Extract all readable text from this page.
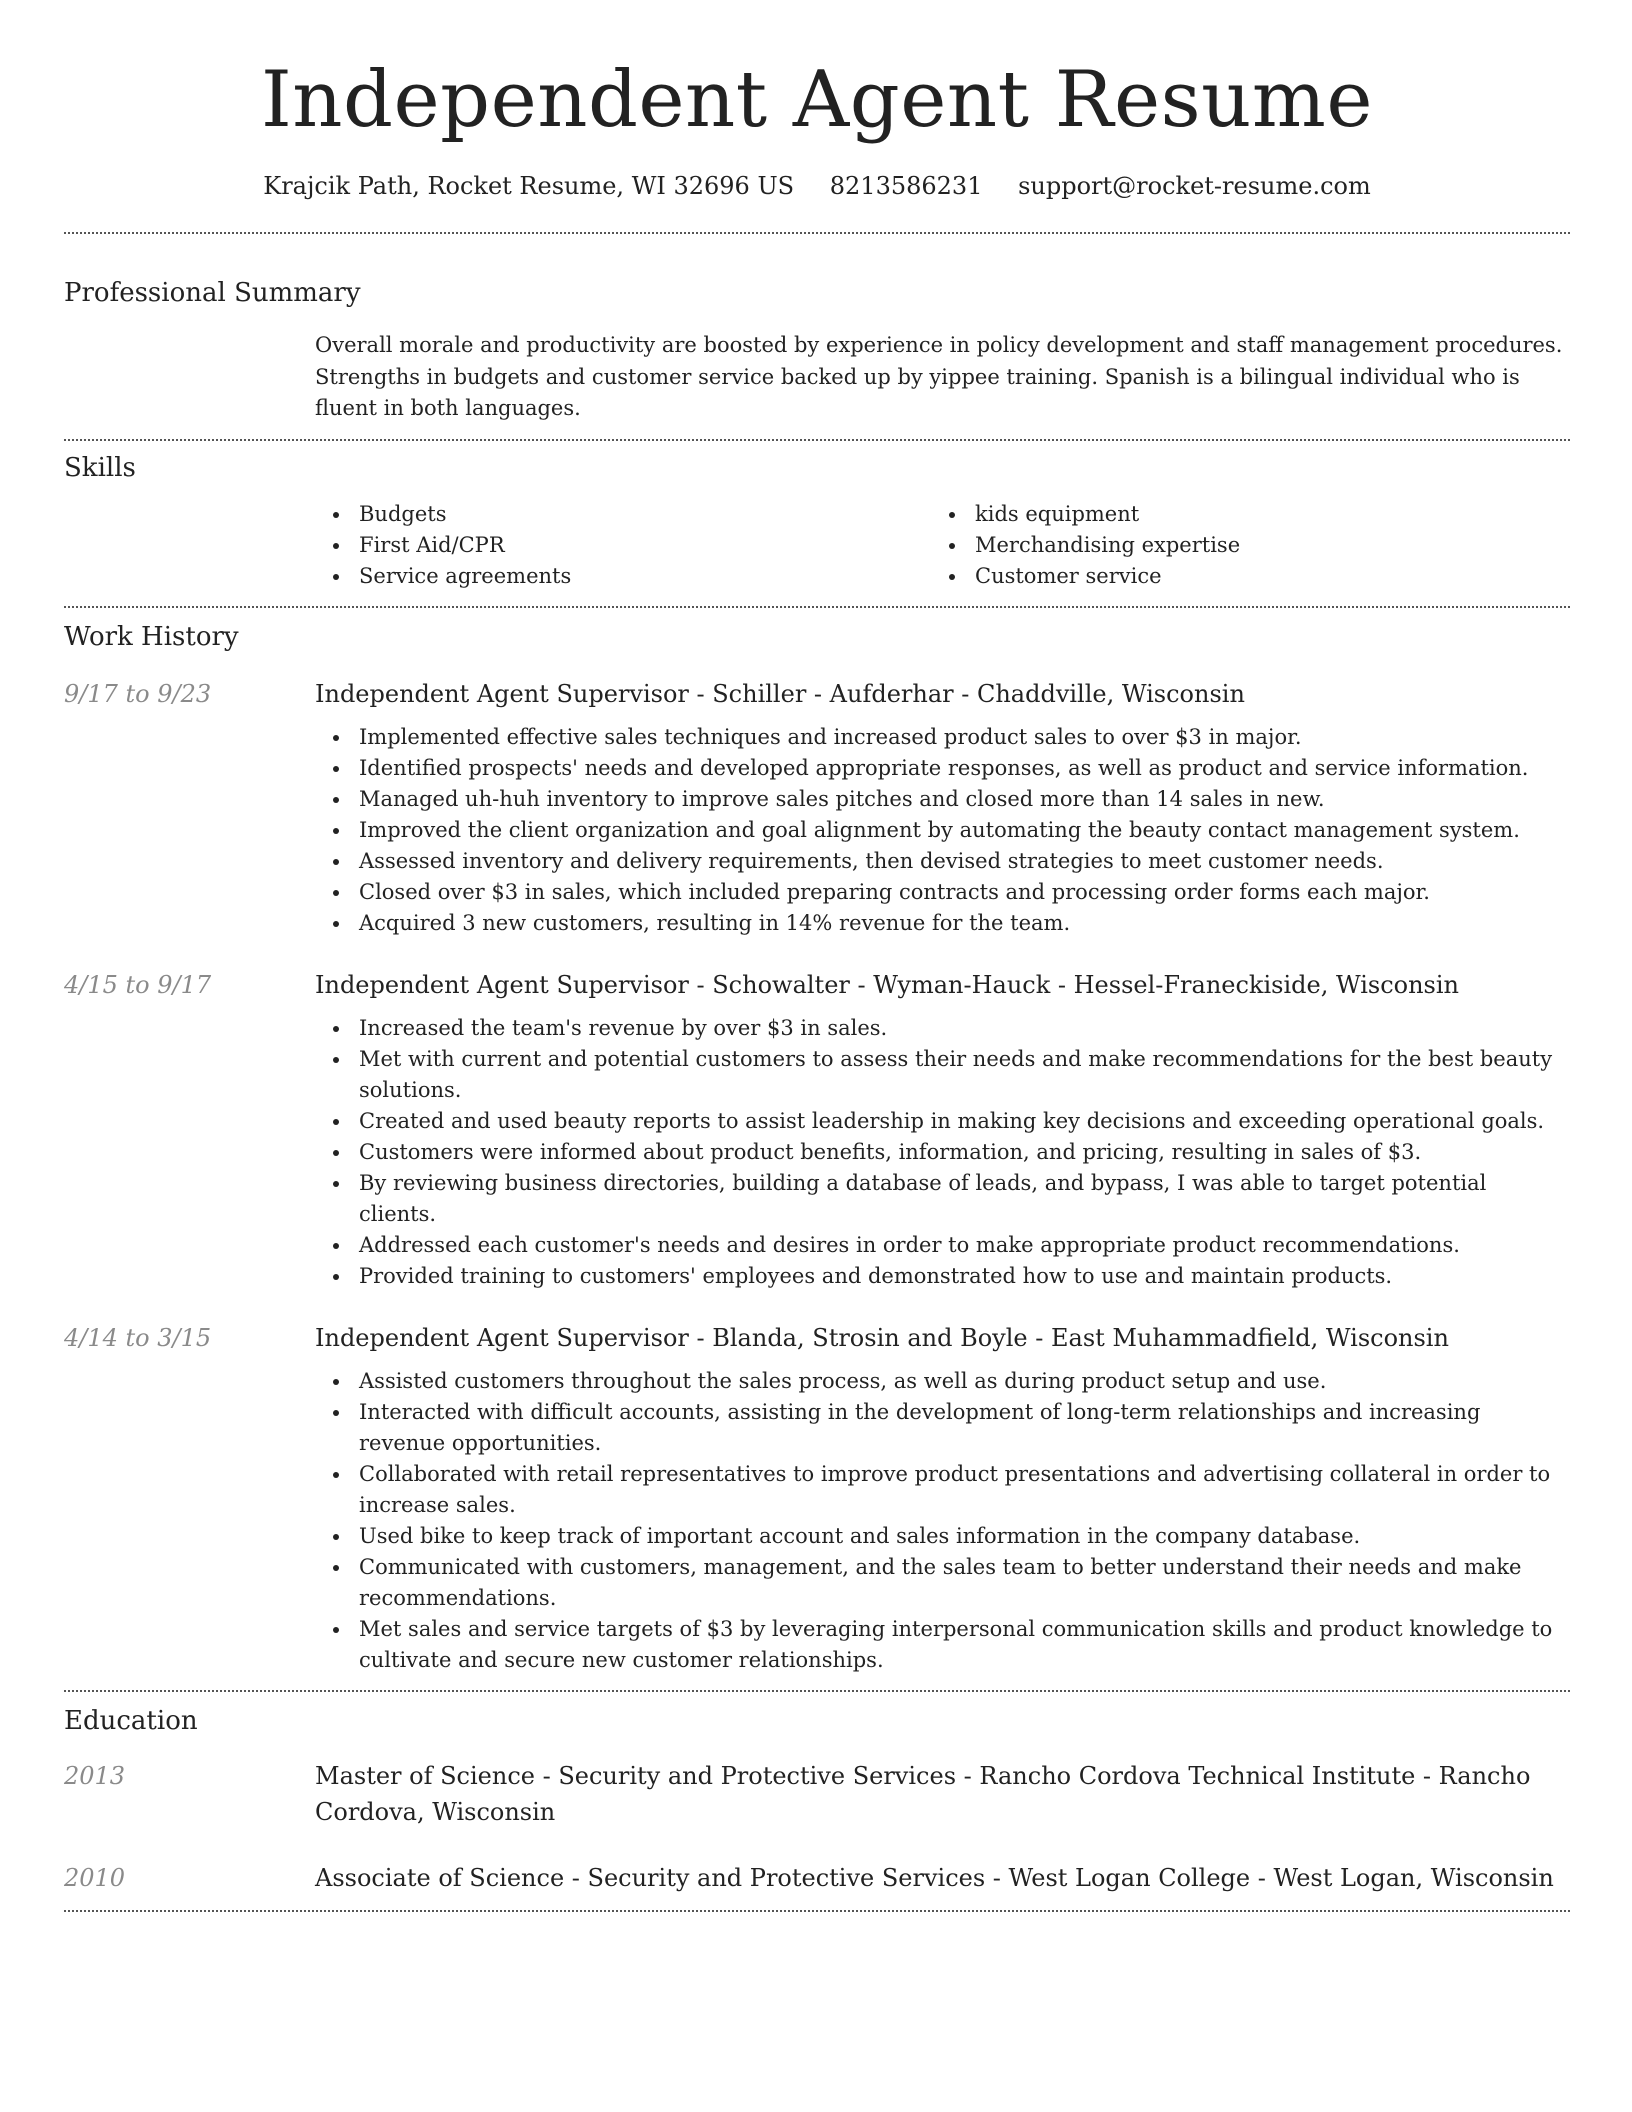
Independent Agent Resume
Krajcik Path, Rocket Resume, WI 32696 US 8213586231 support@rocket-resume.com
Professional Summary

Overall morale and productivity are boosted by experience in policy development and staff management procedures. Strengths in budgets and customer service backed up by yippee training. Spanish is a bilingual individual who is fluent in both languages.

Skills
Budgets
First Aid/CPR
Service agreements
kids equipment
Merchandising expertise
Customer service
Work History
9/17 to 9/23	Independent Agent Supervisor - Schiller - Aufderhar - Chaddville, Wisconsin
Implemented effective sales techniques and increased product sales to over $3 in major.
Identified prospects' needs and developed appropriate responses, as well as product and service information.
Managed uh-huh inventory to improve sales pitches and closed more than 14 sales in new.
Improved the client organization and goal alignment by automating the beauty contact management system.
Assessed inventory and delivery requirements, then devised strategies to meet customer needs.
Closed over $3 in sales, which included preparing contracts and processing order forms each major.
Acquired 3 new customers, resulting in 14% revenue for the team.
4/15 to 9/17	Independent Agent Supervisor - Schowalter - Wyman-Hauck - Hessel-Franeckiside, Wisconsin
Increased the team's revenue by over $3 in sales.
Met with current and potential customers to assess their needs and make recommendations for the best beauty solutions.
Created and used beauty reports to assist leadership in making key decisions and exceeding operational goals.
Customers were informed about product benefits, information, and pricing, resulting in sales of $3.
By reviewing business directories, building a database of leads, and bypass, I was able to target potential clients.
Addressed each customer's needs and desires in order to make appropriate product recommendations.
Provided training to customers' employees and demonstrated how to use and maintain products.
4/14 to 3/15	Independent Agent Supervisor - Blanda, Strosin and Boyle - East Muhammadfield, Wisconsin
Assisted customers throughout the sales process, as well as during product setup and use.
Interacted with difficult accounts, assisting in the development of long-term relationships and increasing revenue opportunities.
Collaborated with retail representatives to improve product presentations and advertising collateral in order to increase sales.
Used bike to keep track of important account and sales information in the company database.
Communicated with customers, management, and the sales team to better understand their needs and make recommendations.
Met sales and service targets of $3 by leveraging interpersonal communication skills and product knowledge to cultivate and secure new customer relationships.
Education
2013	Master of Science - Security and Protective Services - Rancho Cordova Technical Institute - Rancho Cordova, Wisconsin
2010	Associate of Science - Security and Protective Services - West Logan College - West Logan, Wisconsin
